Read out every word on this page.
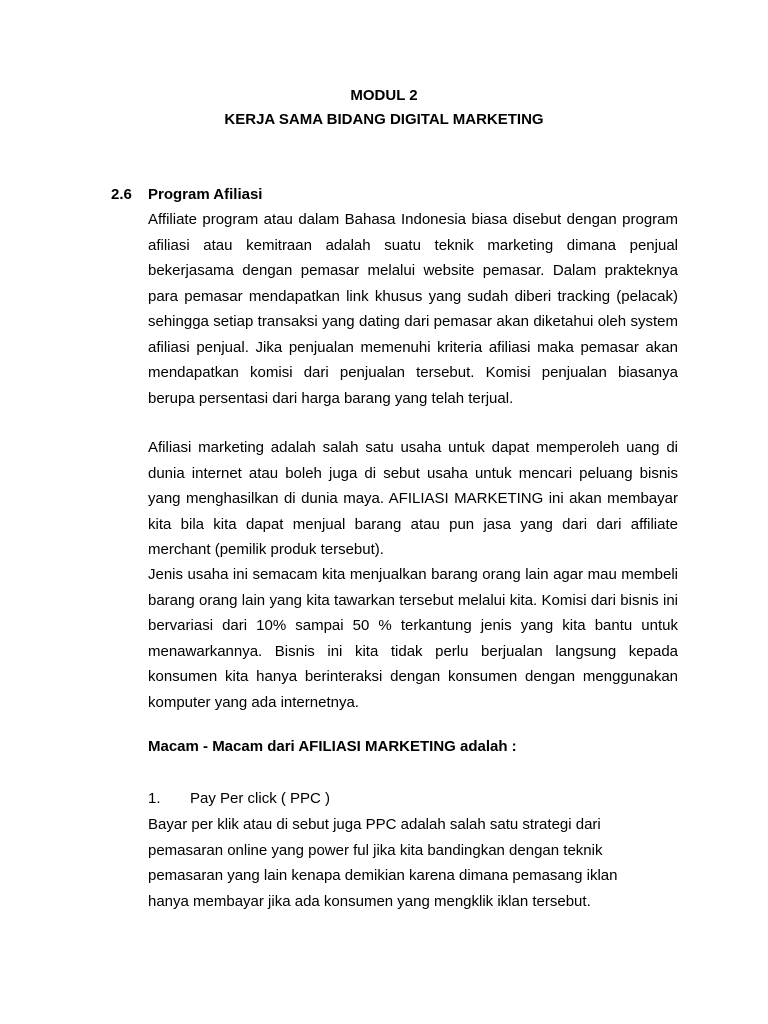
MODUL 2
KERJA SAMA BIDANG DIGITAL MARKETING
2.6 Program Afiliasi

Affiliate program atau dalam Bahasa Indonesia biasa disebut dengan program afiliasi atau kemitraan adalah suatu teknik marketing dimana penjual bekerjasama dengan pemasar melalui website pemasar. Dalam prakteknya para pemasar mendapatkan link khusus yang sudah diberi tracking (pelacak) sehingga setiap transaksi yang dating dari pemasar akan diketahui oleh system afiliasi penjual. Jika penjualan memenuhi kriteria afiliasi maka pemasar akan mendapatkan komisi dari penjualan tersebut. Komisi penjualan biasanya berupa persentasi dari harga barang yang telah terjual.

Afiliasi marketing adalah salah satu usaha untuk dapat memperoleh uang di dunia internet atau boleh juga di sebut usaha untuk mencari peluang bisnis yang menghasilkan di dunia maya. AFILIASI MARKETING ini akan membayar kita bila kita dapat menjual barang atau pun jasa yang dari dari affiliate merchant (pemilik produk tersebut).

Jenis usaha ini semacam kita menjualkan barang orang lain agar mau membeli barang orang lain yang kita tawarkan tersebut melalui kita. Komisi dari bisnis ini bervariasi dari 10% sampai 50 % terkantung jenis yang kita bantu untuk menawarkannya. Bisnis ini kita tidak perlu berjualan langsung kepada konsumen kita hanya berinteraksi dengan konsumen dengan menggunakan komputer yang ada internetnya.

Macam - Macam dari AFILIASI MARKETING adalah :
1. Pay Per click ( PPC )
Bayar per klik atau di sebut juga PPC adalah salah satu strategi dari
pemasaran online yang power ful jika kita bandingkan dengan teknik
pemasaran yang lain kenapa demikian karena dimana pemasang iklan
hanya membayar jika ada konsumen yang mengklik iklan tersebut.
